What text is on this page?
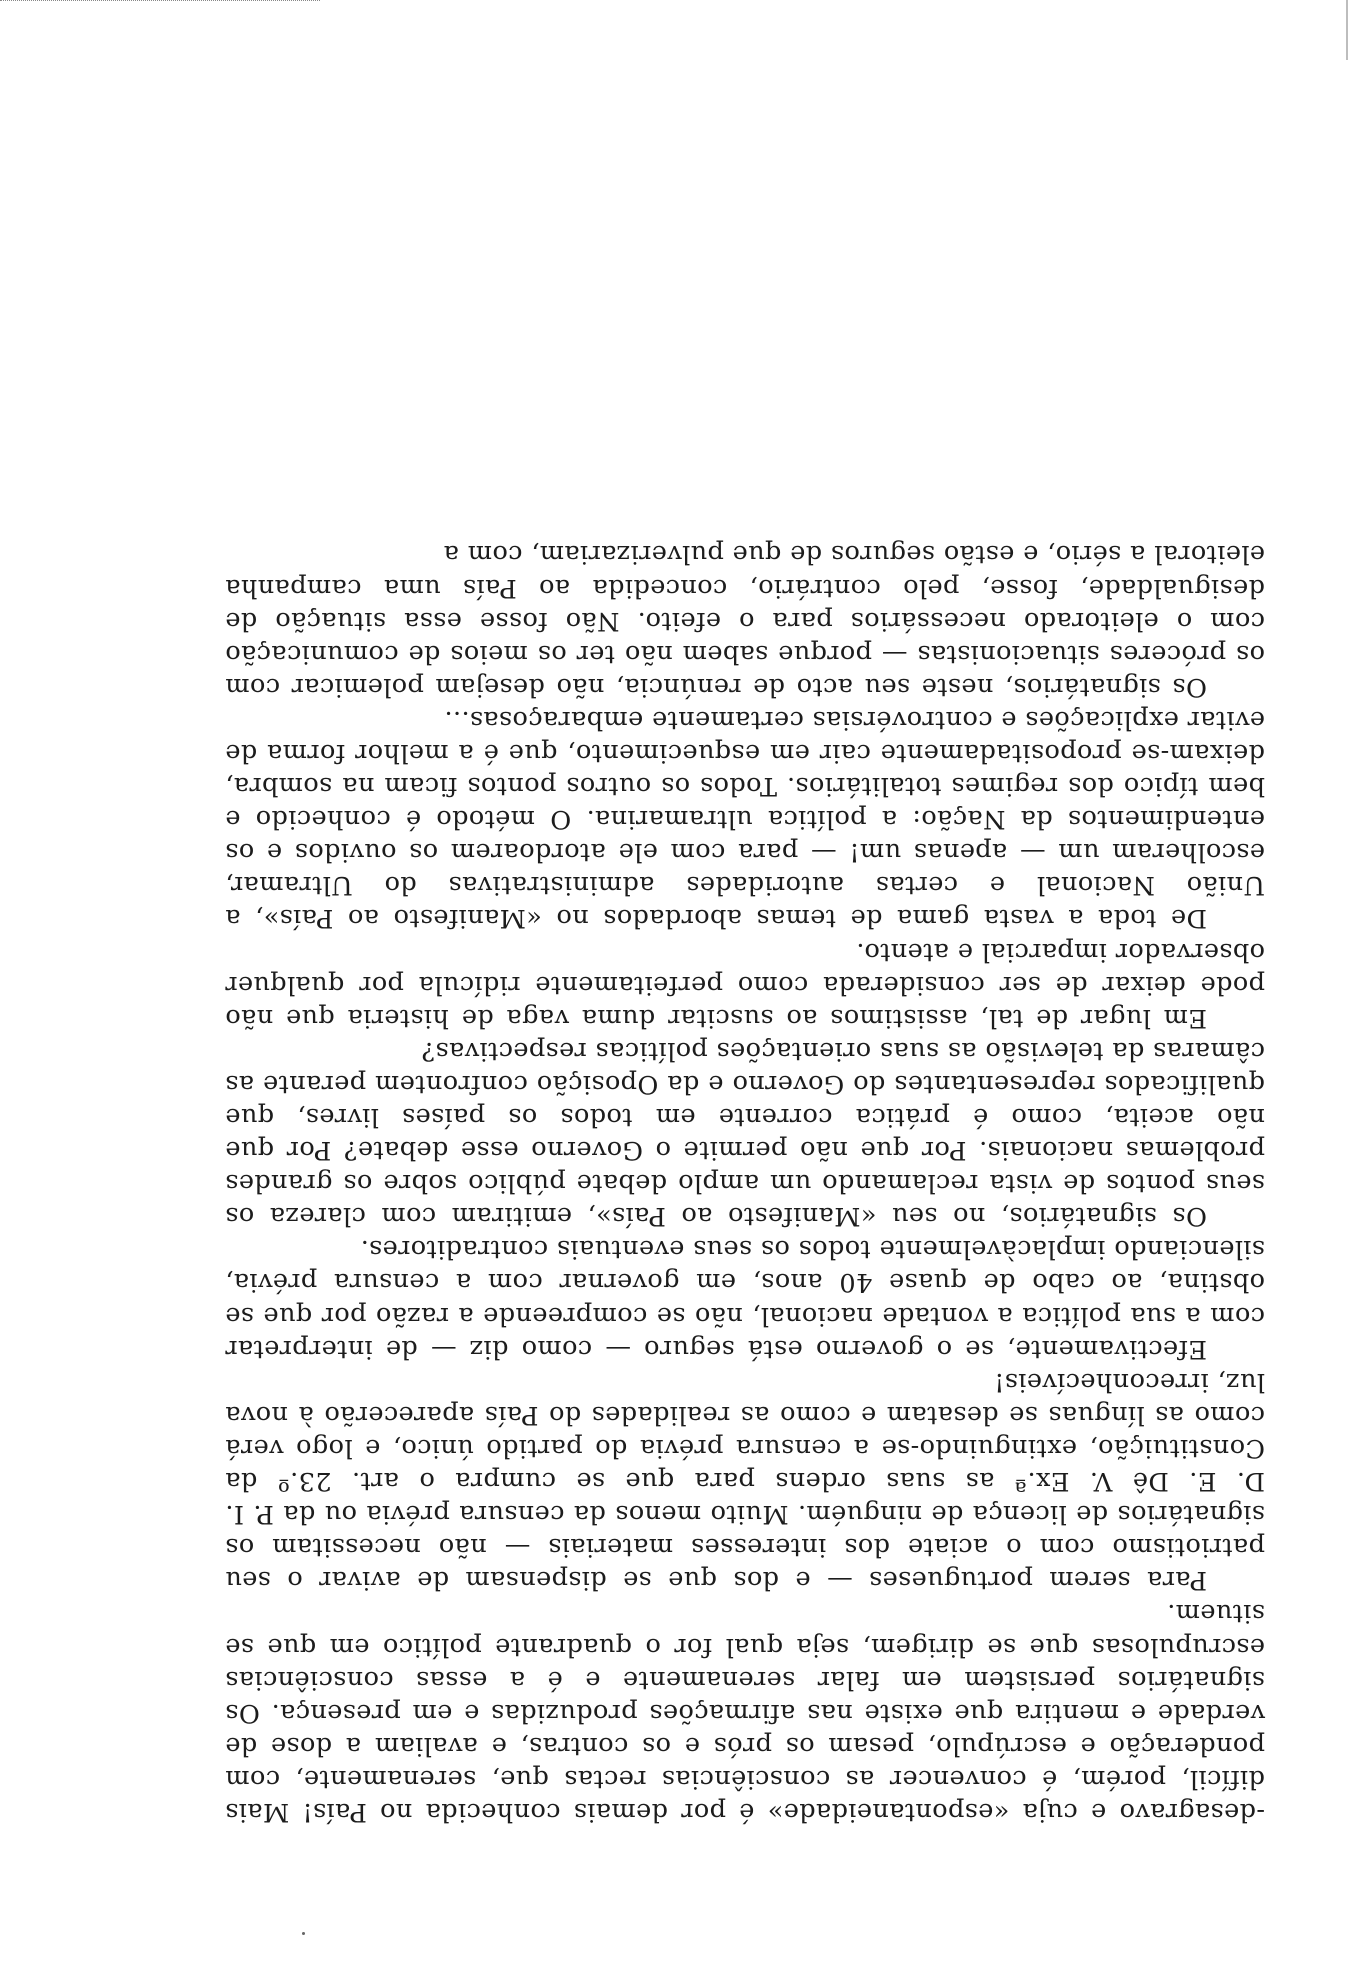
-desagravo e cuja «espontaneidade» é por demais conhecida no País! Mais difícil, porém, é convencer as consciências rectas que, serenamente, com ponderação e escrúpulo, pesam os prós e os contras, e avaliam a dose de verdade e mentira que existe nas afirmações produzidas e em presença. Os signatários persistem em falar serenamente e é a essas consciências escrupulosas que se dirigem, seja qual for o quadrante político em que se situem.

Para serem portugueses — e dos que se dispensam de avivar o seu patriotismo com o aciate dos interesses materiais — não necessitam os signatários de licença de ninguém. Muito menos da censura prévia ou da P. I. D. E. Dê V. Ex.ª as suas ordens para que se cumpra o art. 23.º da Constituição, extinguindo-se a censura prévia do partido único, e logo verá como as línguas se desatam e como as realidades do País aparecerão à nova luz, irreconhecíveis!

Efectivamente, se o governo está seguro — como diz — de interpretar com a sua política a vontade nacional, não se compreende a razão por que se obstina, ao cabo de quase 40 anos, em governar com a censura prévia, silenciando implacàvelmente todos os seus eventuais contraditores.

Os signatários, no seu «Manifesto ao País», emitiram com clareza os seus pontos de vista reclamando um amplo debate público sobre os grandes problemas nacionais. Por que não permite o Governo esse debate? Por que não aceita, como é prática corrente em todos os países livres, que qualificados representantes do Governo e da Oposição confrontem perante as câmaras da televisão as suas orientações políticas respectivas?

Em lugar de tal, assistimos ao suscitar duma vaga de histeria que não pode deixar de ser considerada como perfeitamente ridícula por qualquer observador imparcial e atento.

De toda a vasta gama de temas abordados no «Manifesto ao País», a União Nacional e certas autoridades administrativas do Ultramar, escolheram um — apenas um! — para com ele atordoarem os ouvidos e os entendimentos da Nação: a política ultramarina. O método é conhecido e bem típico dos regimes totalitários. Todos os outros pontos ficam na sombra, deixam-se propositadamente cair em esquecimento, que é a melhor forma de evitar explicações e controvérsias certamente embaraçosas...

Os signatários, neste seu acto de renúncia, não desejam polemicar com os próceres situacionistas — porque sabem não ter os meios de comunicação com o eleitorado necessários para o efeito. Não fosse essa situação de desigualdade, fosse, pelo contrário, concedida ao País uma campanha eleitoral a sério, e estão seguros de que pulverizariam, com a
